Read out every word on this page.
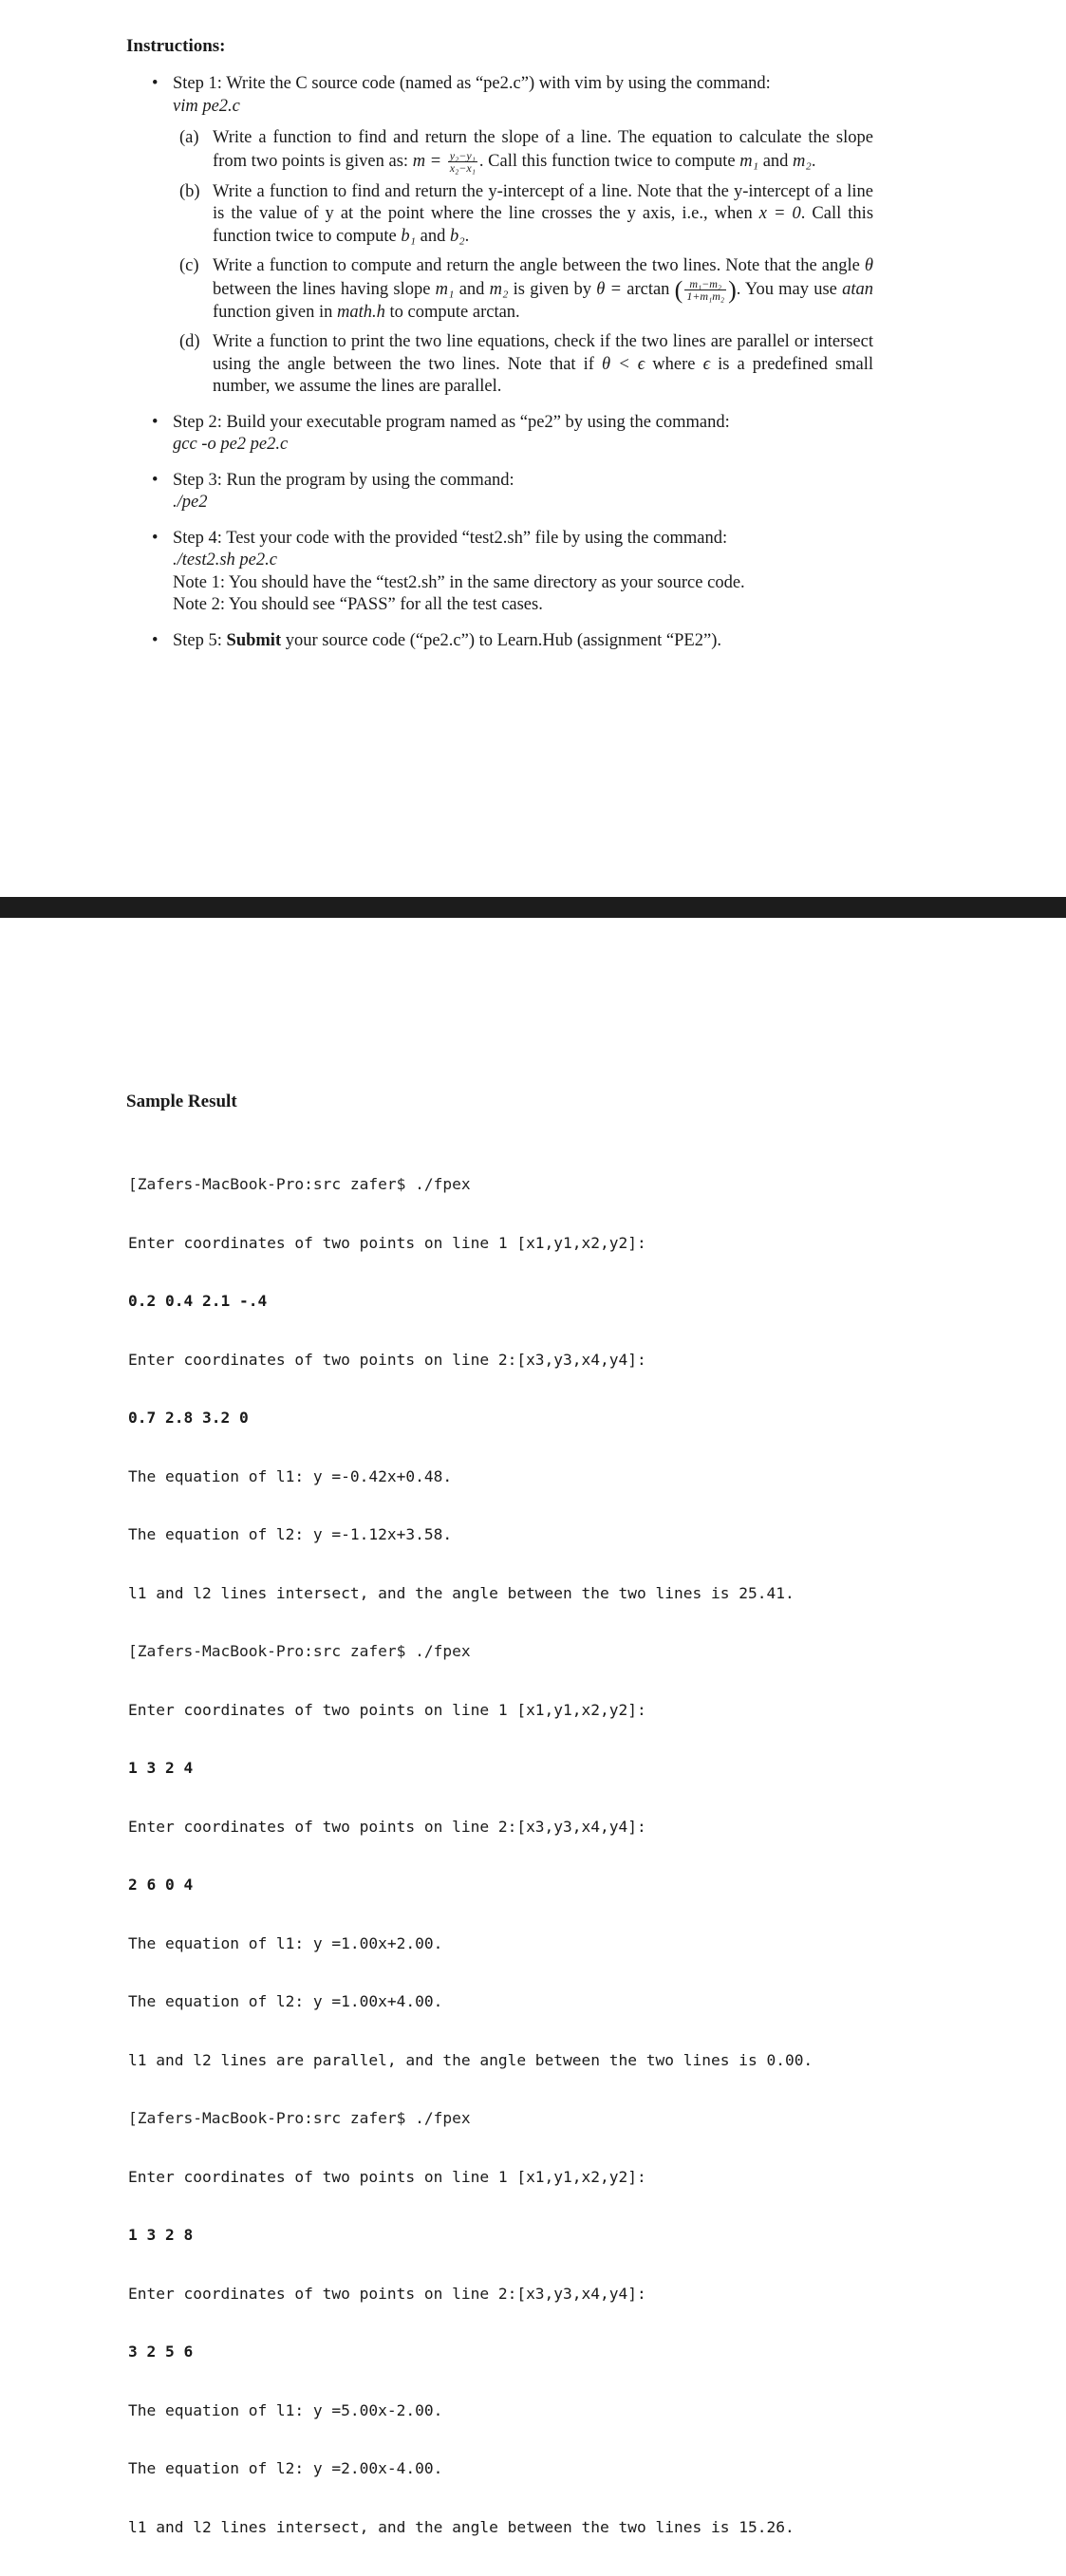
Instructions:
• Step 1: Write the C source code (named as “pe2.c”) with vim by using the command:
vim pe2.c
(a) Write a function to find and return the slope of a line. The equation to calculate the slope from two points is given as: $m = \frac{\text{y₂−y₁}}{\text{x₂−x₁}}$ . Call this function twice to compute m₁ and m₂.
(b) Write a function to find and return the y-intercept of a line. Note that the y-intercept of a line is the value of y at the point where the line crosses the y axis, i.e., when x = 0. Call this function twice to compute b₁ and b₂.
(c) Write a function to compute and return the angle between the two lines. Note that the angle θ between the lines having slope m₁ and m₂ is given by θ = arctan ( $\frac{\text{m₁−m₂}}{\text{1+m₁m₂}}$ ). You may use atan function given in math.h to compute arctan.
(d) Write a function to print the two line equations, check if the two lines are parallel or intersect using the angle between the two lines. Note that if θ < ϵ where ϵ is a predefined small number, we assume the lines are parallel.
• Step 2: Build your executable program named as “pe2” by using the command:
gcc -o pe2 pe2.c
• Step 3: Run the program by using the command:
./pe2
• Step 4: Test your code with the provided “test2.sh” file by using the command:
./test2.sh pe2.c
Note 1: You should have the “test2.sh” in the same directory as your source code.
Note 2: You should see “PASS” for all the test cases.
• Step 5: Submit your source code (“pe2.c”) to Learn.Hub (assignment “PE2”).
Sample Result

[Zafers-MacBook-Pro:src zafer$ ./fpex

Enter coordinates of two points on line 1 [x1,y1,x2,y2]:

0.2 0.4 2.1 -.4

Enter coordinates of two points on line 2:[x3,y3,x4,y4]:

0.7 2.8 3.2 0

The equation of l1: y =-0.42x+0.48.

The equation of l2: y =-1.12x+3.58.

l1 and l2 lines intersect, and the angle between the two lines is 25.41.

[Zafers-MacBook-Pro:src zafer$ ./fpex

Enter coordinates of two points on line 1 [x1,y1,x2,y2]:

1 3 2 4

Enter coordinates of two points on line 2:[x3,y3,x4,y4]:

2 6 0 4

The equation of l1: y =1.00x+2.00.

The equation of l2: y =1.00x+4.00.

l1 and l2 lines are parallel, and the angle between the two lines is 0.00.

[Zafers-MacBook-Pro:src zafer$ ./fpex

Enter coordinates of two points on line 1 [x1,y1,x2,y2]:

1 3 2 8

Enter coordinates of two points on line 2:[x3,y3,x4,y4]:

3 2 5 6

The equation of l1: y =5.00x-2.00.

The equation of l2: y =2.00x-4.00.

l1 and l2 lines intersect, and the angle between the two lines is 15.26.
